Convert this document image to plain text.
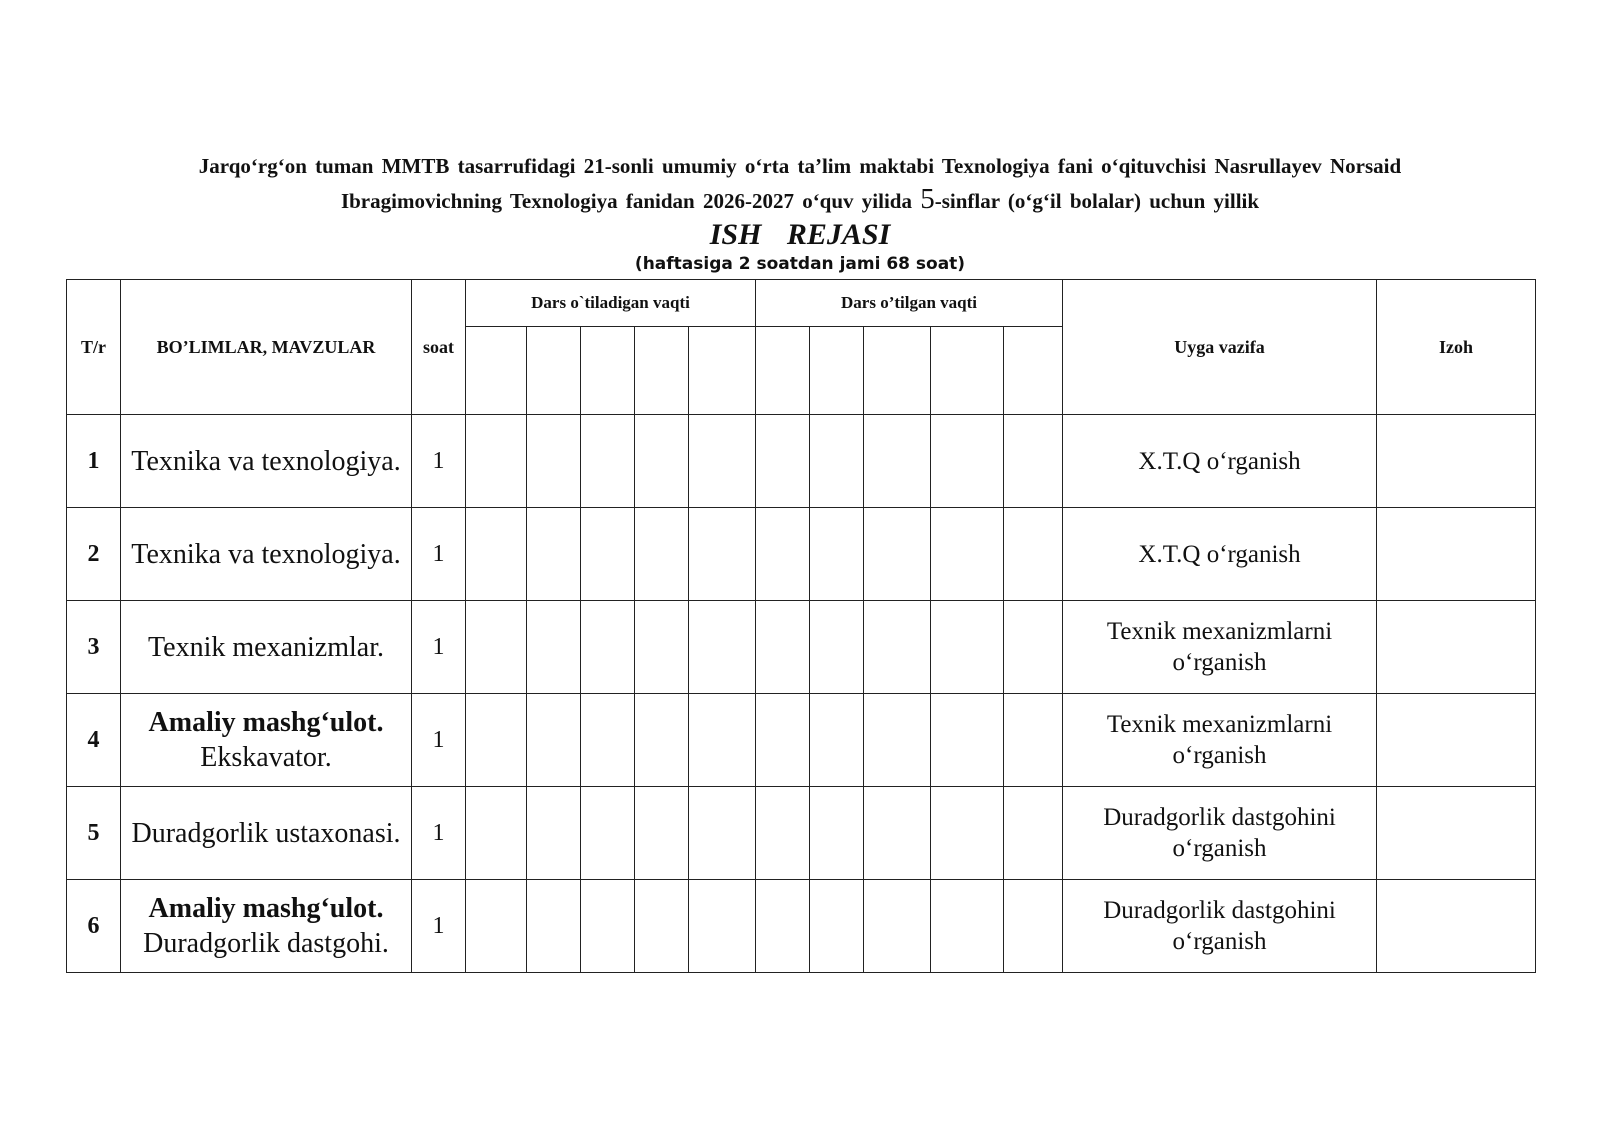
Jarqo‘rg‘on tuman MMTB tasarrufidagi 21-sonli umumiy o‘rta ta’lim maktabi Texnologiya fani o‘qituvchisi Nasrullayev Norsaid
Ibragimovichning Texnologiya fanidan 2026-2027 o‘quv yilida 5-sinflar (o‘g‘il bolalar) uchun yillik
ISH REJASI
(haftasiga 2 soatdan jami 68 soat)
T/r	BO’LIMLAR, MAVZULAR	soat	Dars o`tiladigan vaqti					Dars o’tilgan vaqti					Uyga vazifa	Izoh

1	Texnika va texnologiya.	1											X.T.Q o‘rganish	
2	Texnika va texnologiya.	1											X.T.Q o‘rganish	
3	Texnik mexanizmlar.	1											Texnik mexanizmlarni o‘rganish	
4	Amaliy mashg‘ulot.
Ekskavator.	1											Texnik mexanizmlarni o‘rganish	
5	Duradgorlik ustaxonasi.	1											Duradgorlik dastgohini o‘rganish	
6	Amaliy mashg‘ulot.
Duradgorlik dastgohi.	1											Duradgorlik dastgohini o‘rganish	
